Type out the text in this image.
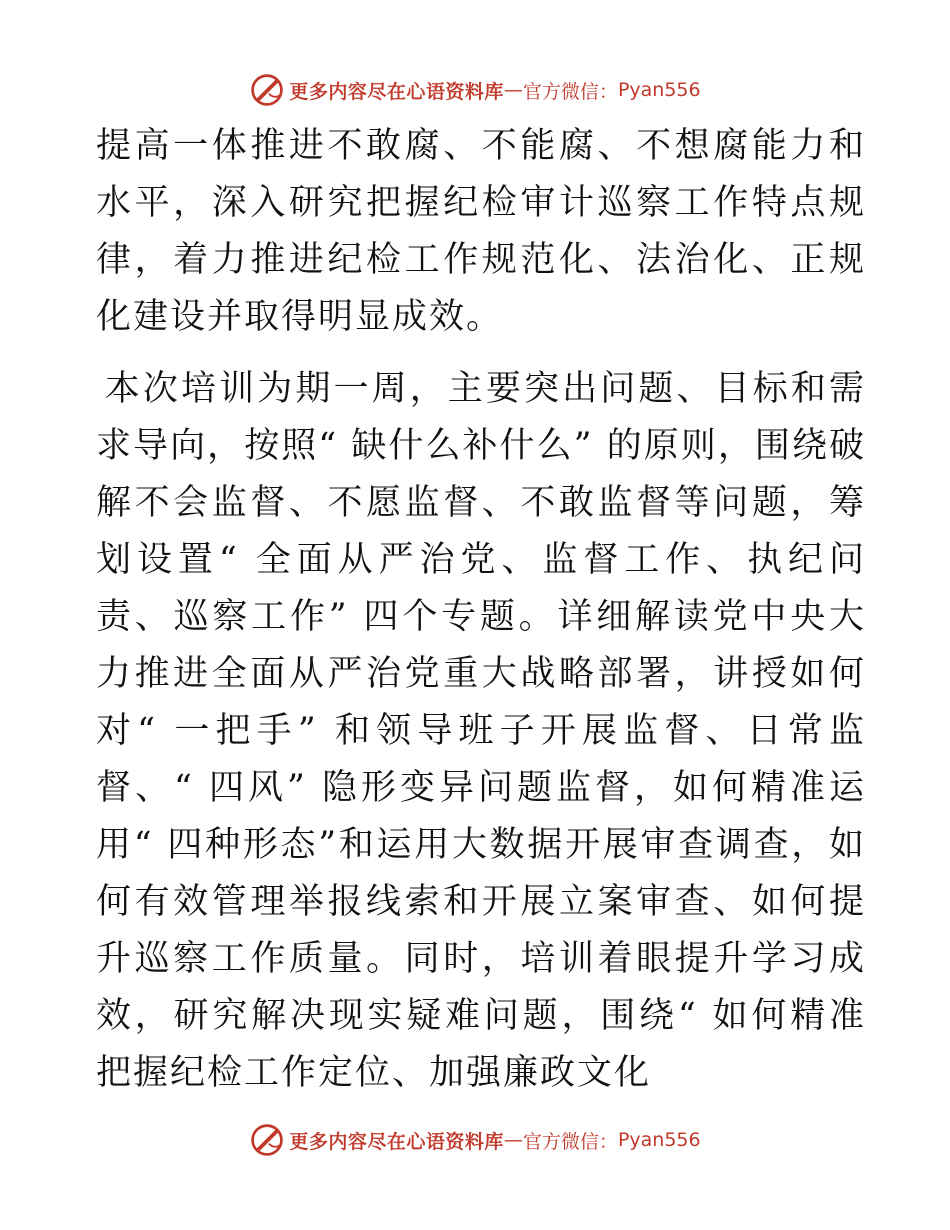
更多内容尽在心语资料库 — 官方微信： Pyan556

提高一体推进不敢腐、不能腐、不想腐能力和水平，深入研究把握纪检审计巡察工作特点规律，着力推进纪检工作规范化、法治化、正规化建设并取得明显成效。

本次培训为期一周，主要突出问题、目标和需求导向，按照“ 缺什么补什么” 的原则，围绕破解不会监督、不愿监督、不敢监督等问题，筹划设置“ 全面从严治党、监督工作、执纪问责、巡察工作” 四个专题。详细解读党中央大力推进全面从严治党重大战略部署，讲授如何对“ 一把手” 和领导班子开展监督、日常监督、“ 四风” 隐形变异问题监督，如何精准运用“ 四种形态”和运用大数据开展审查调查，如何有效管理举报线索和开展立案审查、如何提升巡察工作质量。同时，培训着眼提升学习成效，研究解决现实疑难问题，围绕“ 如何精准把握纪检工作定位、加强廉政文化

更多内容尽在心语资料库 — 官方微信： Pyan556
